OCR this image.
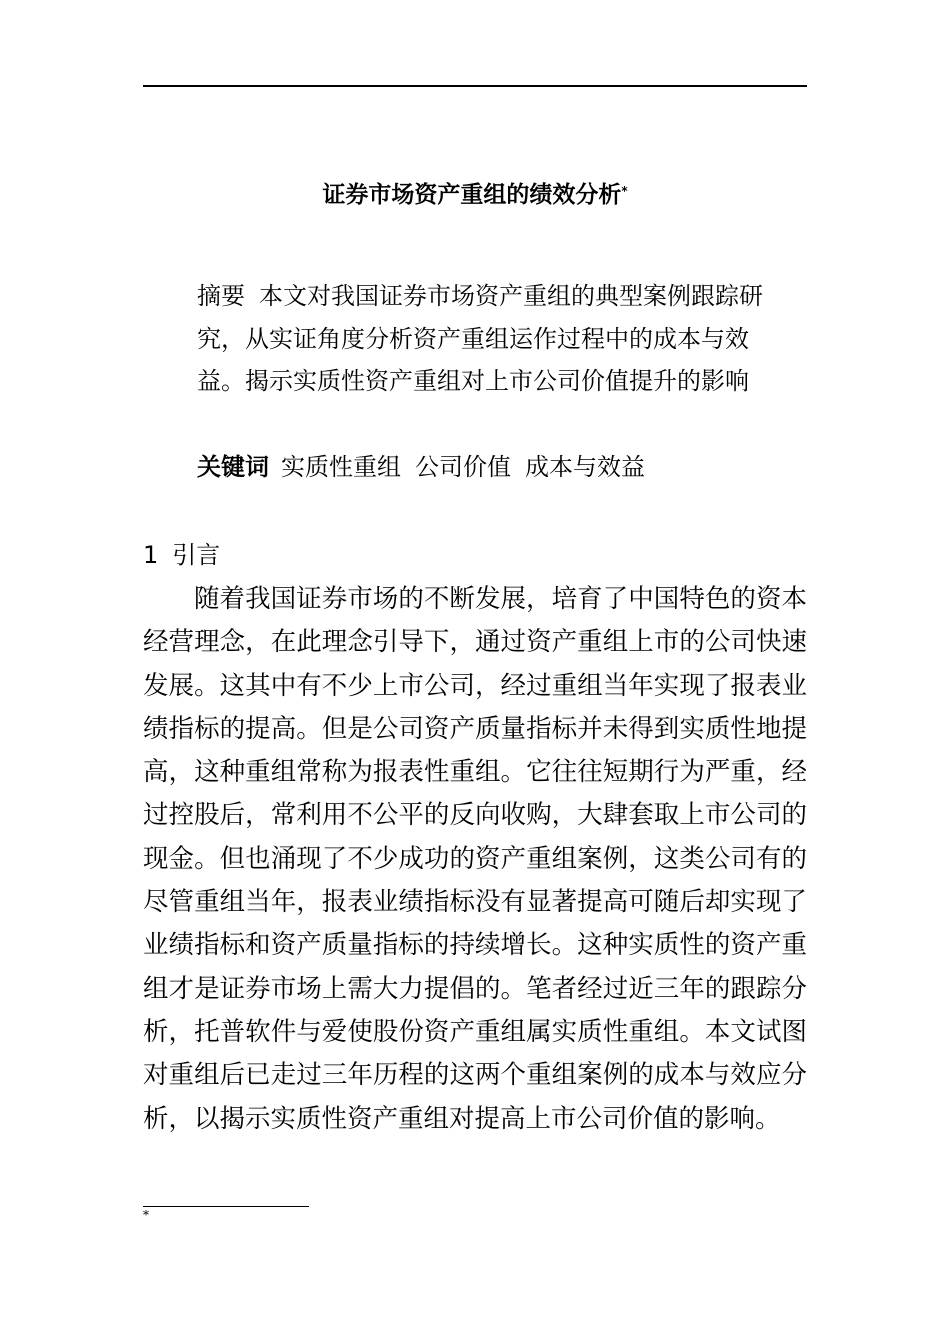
证券市场资产重组的绩效分析*
摘要 本文对我国证券市场资产重组的典型案例跟踪研究，从实证角度分析资产重组运作过程中的成本与效益。揭示实质性资产重组对上市公司价值提升的影响
关键词 实质性重组 公司价值 成本与效益
1 引言
随着我国证券市场的不断发展，培育了中国特色的资本经营理念，在此理念引导下，通过资产重组上市的公司快速发展。这其中有不少上市公司，经过重组当年实现了报表业绩指标的提高。但是公司资产质量指标并未得到实质性地提高，这种重组常称为报表性重组。它往往短期行为严重，经过控股后，常利用不公平的反向收购，大肆套取上市公司的现金。但也涌现了不少成功的资产重组案例，这类公司有的尽管重组当年，报表业绩指标没有显著提高可随后却实现了业绩指标和资产质量指标的持续增长。这种实质性的资产重组才是证券市场上需大力提倡的。笔者经过近三年的跟踪分析，托普软件与爱使股份资产重组属实质性重组。本文试图对重组后已走过三年历程的这两个重组案例的成本与效应分析，以揭示实质性资产重组对提高上市公司价值的影响。
*
